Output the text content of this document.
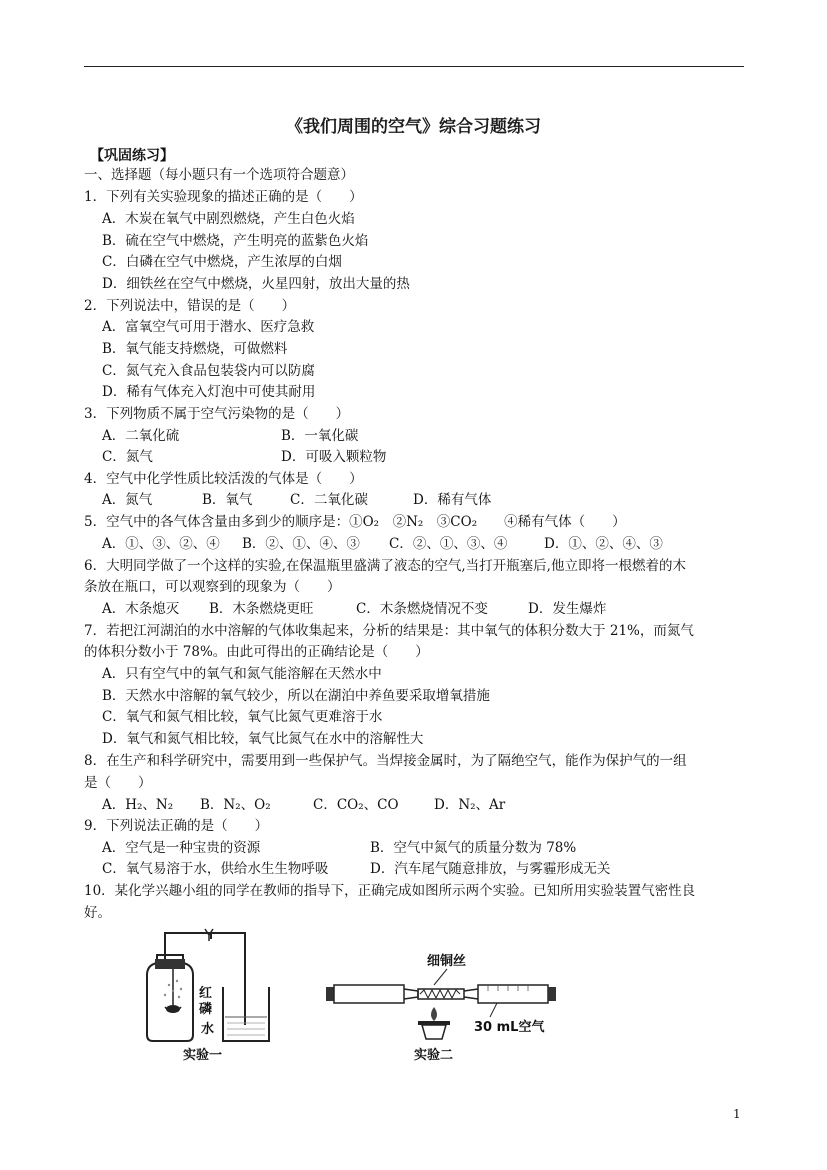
《我们周围的空气》综合习题练习
【巩固练习】
一、选择题（每小题只有一个选项符合题意）
1．下列有关实验现象的描述正确的是（　　）
A．木炭在氧气中剧烈燃烧，产生白色火焰
B．硫在空气中燃烧，产生明亮的蓝紫色火焰
C．白磷在空气中燃烧，产生浓厚的白烟
D．细铁丝在空气中燃烧，火星四射，放出大量的热
2．下列说法中，错误的是（　　）
A．富氧空气可用于潜水、医疗急救
B．氧气能支持燃烧，可做燃料
C．氮气充入食品包装袋内可以防腐
D．稀有气体充入灯泡中可使其耐用
3．下列物质不属于空气污染物的是（　　）
A．二氧化硫	B．一氧化碳
C．氮气	D．可吸入颗粒物
4．空气中化学性质比较活泼的气体是（　　）
A．氮气	B．氧气	C．二氧化碳	D．稀有气体
5．空气中的各气体含量由多到少的顺序是：①O₂　②N₂　③CO₂　　④稀有气体（　　）
A．①、③、②、④ B．②、①、④、③ C．②、①、③、④	D．①、②、④、③
6．大明同学做了一个这样的实验,在保温瓶里盛满了液态的空气,当打开瓶塞后,他立即将一根燃着的木
条放在瓶口，可以观察到的现象为（　　）
A．木条熄灭 B．木条燃烧更旺	C．木条燃烧情况不变	D．发生爆炸
7．若把江河湖泊的水中溶解的气体收集起来，分析的结果是：其中氧气的体积分数大于 21%，而氮气
的体积分数小于 78%。由此可得出的正确结论是（　　）
A．只有空气中的氧气和氮气能溶解在天然水中
B．天然水中溶解的氧气较少，所以在湖泊中养鱼要采取增氧措施
C．氧气和氮气相比较，氧气比氮气更难溶于水
D．氧气和氮气相比较，氧气比氮气在水中的溶解性大
8．在生产和科学研究中，需要用到一些保护气。当焊接金属时，为了隔绝空气，能作为保护气的一组
是（　　）
A．H₂、N₂ B．N₂、O₂	C．CO₂、CO	D．N₂、Ar
9．下列说法正确的是（　　）
A．空气是一种宝贵的资源	B．空气中氮气的质量分数为 78%
C．氧气易溶于水，供给水生生物呼吸	D．汽车尾气随意排放，与雾霾形成无关
10．某化学兴趣小组的同学在教师的指导下，正确完成如图所示两个实验。已知所用实验装置气密性良
好。
红
磷
水
实验一
细铜丝
30 mL空气
实验二
1
